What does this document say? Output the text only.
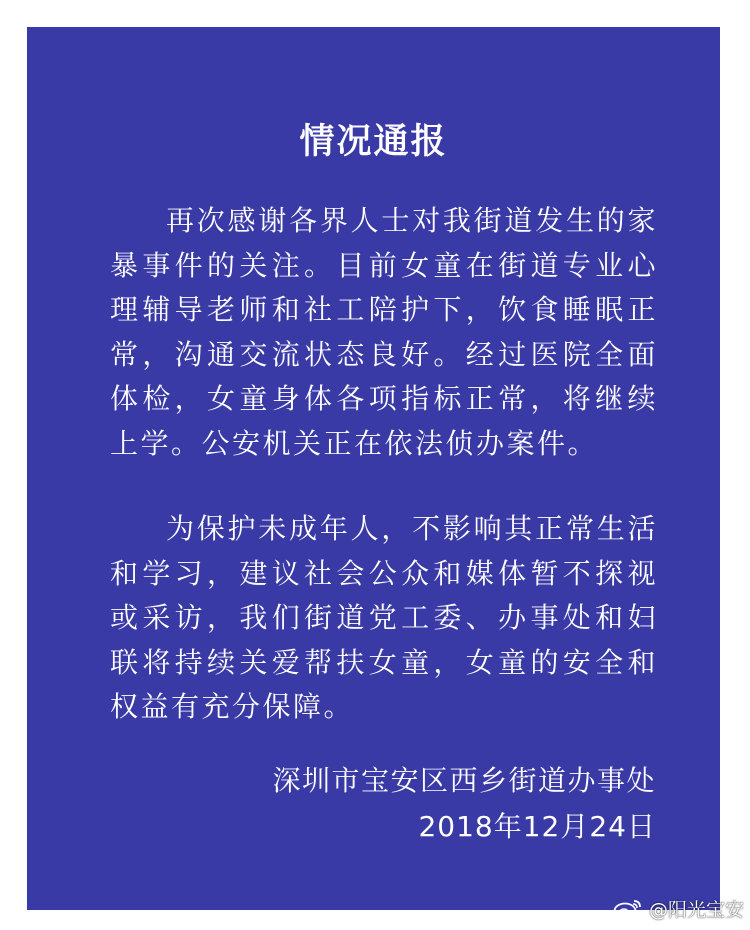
情况通报

再次感谢各界人士对我街道发生的家暴事件的关注。目前女童在街道专业心理辅导老师和社工陪护下，饮食睡眠正常，沟通交流状态良好。经过医院全面体检，女童身体各项指标正常，将继续上学。公安机关正在依法侦办案件。

为保护未成年人，不影响其正常生活和学习，建议社会公众和媒体暂不探视或采访，我们街道党工委、办事处和妇联将持续关爱帮扶女童，女童的安全和权益有充分保障。

深圳市宝安区西乡街道办事处

2018年12月24日

@阳光宝安
